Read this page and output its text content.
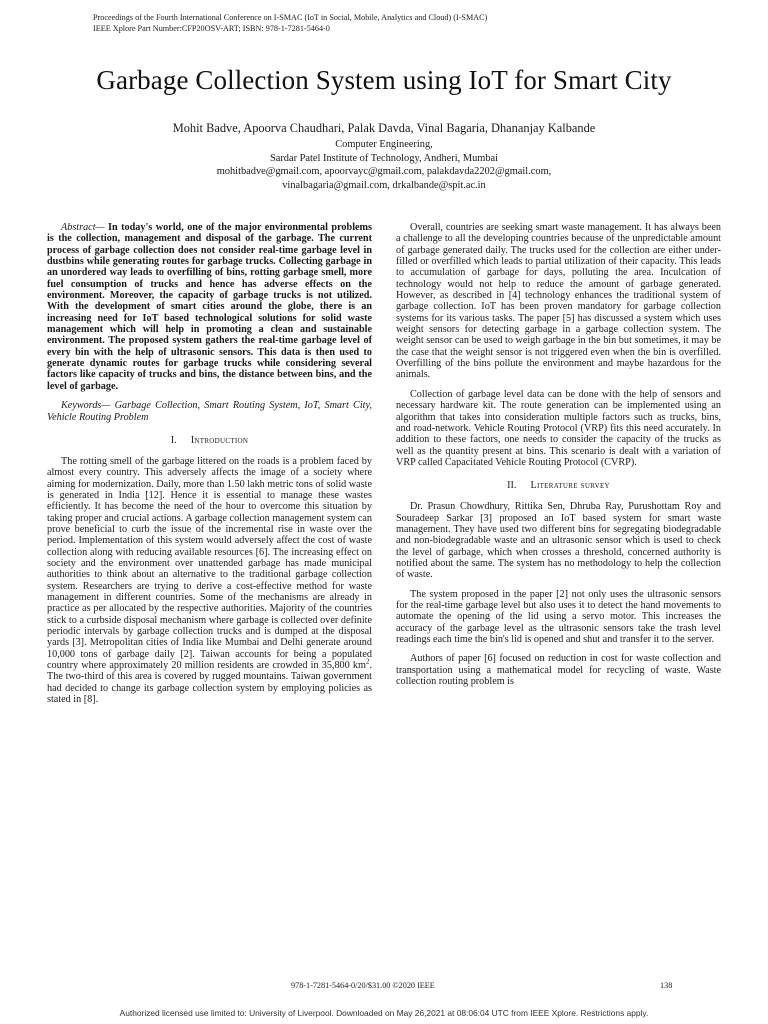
Proceedings of the Fourth International Conference on I-SMAC (IoT in Social, Mobile, Analytics and Cloud) (I-SMAC)
IEEE Xplore Part Number:CFP20OSV-ART; ISBN: 978-1-7281-5464-0
Garbage Collection System using IoT for Smart City
Mohit Badve, Apoorva Chaudhari, Palak Davda, Vinal Bagaria, Dhananjay Kalbande
Computer Engineering,
Sardar Patel Institute of Technology, Andheri, Mumbai
mohitbadve@gmail.com, apoorvayc@gmail.com, palakdavda2202@gmail.com,
vinalbagaria@gmail.com, drkalbande@spit.ac.in

Abstract— In today's world, one of the major environmental problems is the collection, management and disposal of the garbage. The current process of garbage collection does not consider real-time garbage level in dustbins while generating routes for garbage trucks. Collecting garbage in an unordered way leads to overfilling of bins, rotting garbage smell, more fuel consumption of trucks and hence has adverse effects on the environment. Moreover, the capacity of garbage trucks is not utilized. With the development of smart cities around the globe, there is an increasing need for IoT based technological solutions for solid waste management which will help in promoting a clean and sustainable environment. The proposed system gathers the real-time garbage level of every bin with the help of ultrasonic sensors. This data is then used to generate dynamic routes for garbage trucks while considering several factors like capacity of trucks and bins, the distance between bins, and the level of garbage.

Keywords— Garbage Collection, Smart Routing System, IoT, Smart City, Vehicle Routing Problem

I. Introduction

The rotting smell of the garbage littered on the roads is a problem faced by almost every country. This adversely affects the image of a society where aiming for modernization. Daily, more than 1.50 lakh metric tons of solid waste is generated in India [12]. Hence it is essential to manage these wastes efficiently. It has become the need of the hour to overcome this situation by taking proper and crucial actions. A garbage collection management system can prove beneficial to curb the issue of the incremental rise in waste over the period. Implementation of this system would adversely affect the cost of waste collection along with reducing available resources [6]. The increasing effect on society and the environment over unattended garbage has made municipal authorities to think about an alternative to the traditional garbage collection system. Researchers are trying to derive a cost-effective method for waste management in different countries. Some of the mechanisms are already in practice as per allocated by the respective authorities. Majority of the countries stick to a curbside disposal mechanism where garbage is collected over definite periodic intervals by garbage collection trucks and is dumped at the disposal yards [3]. Metropolitan cities of India like Mumbai and Delhi generate around 10,000 tons of garbage daily [2]. Taiwan accounts for being a populated country where approximately 20 million residents are crowded in 35,800 $km^2$. The two-third of this area is covered by rugged mountains. Taiwan government had decided to change its garbage collection system by employing policies as stated in [8].

Overall, countries are seeking smart waste management. It has always been a challenge to all the developing countries because of the unpredictable amount of garbage generated daily. The trucks used for the collection are either under-filled or overfilled which leads to partial utilization of their capacity. This leads to accumulation of garbage for days, polluting the area. Inculcation of technology would not help to reduce the amount of garbage generated. However, as described in [4] technology enhances the traditional system of garbage collection. IoT has been proven mandatory for garbage collection systems for its various tasks. The paper [5] has discussed a system which uses weight sensors for detecting garbage in a garbage collection system. The weight sensor can be used to weigh garbage in the bin but sometimes, it may be the case that the weight sensor is not triggered even when the bin is overfilled. Overfilling of the bins pollute the environment and maybe hazardous for the animals.

Collection of garbage level data can be done with the help of sensors and necessary hardware kit. The route generation can be implemented using an algorithm that takes into consideration multiple factors such as trucks, bins, and road-network. Vehicle Routing Protocol (VRP) fits this need accurately. In addition to these factors, one needs to consider the capacity of the trucks as well as the quantity present at bins. This scenario is dealt with a variation of VRP called Capacitated Vehicle Routing Protocol (CVRP).

II. Literature survey

Dr. Prasun Chowdhury, Rittika Sen, Dhruba Ray, Purushottam Roy and Souradeep Sarkar [3] proposed an IoT based system for smart waste management. They have used two different bins for segregating biodegradable and non-biodegradable waste and an ultrasonic sensor which is used to check the level of garbage, which when crosses a threshold, concerned authority is notified about the same. The system has no methodology to help the collection of waste.

The system proposed in the paper [2] not only uses the ultrasonic sensors for the real-time garbage level but also uses it to detect the hand movements to automate the opening of the lid using a servo motor. This increases the accuracy of the garbage level as the ultrasonic sensors take the trash level readings each time the bin's lid is opened and shut and transfer it to the server.

Authors of paper [6] focused on reduction in cost for waste collection and transportation using a mathematical model for recycling of waste. Waste collection routing problem is

978-1-7281-5464-0/20/$31.00 ©2020 IEEE	138
Authorized licensed use limited to: University of Liverpool. Downloaded on May 26,2021 at 08:06:04 UTC from IEEE Xplore. Restrictions apply.
